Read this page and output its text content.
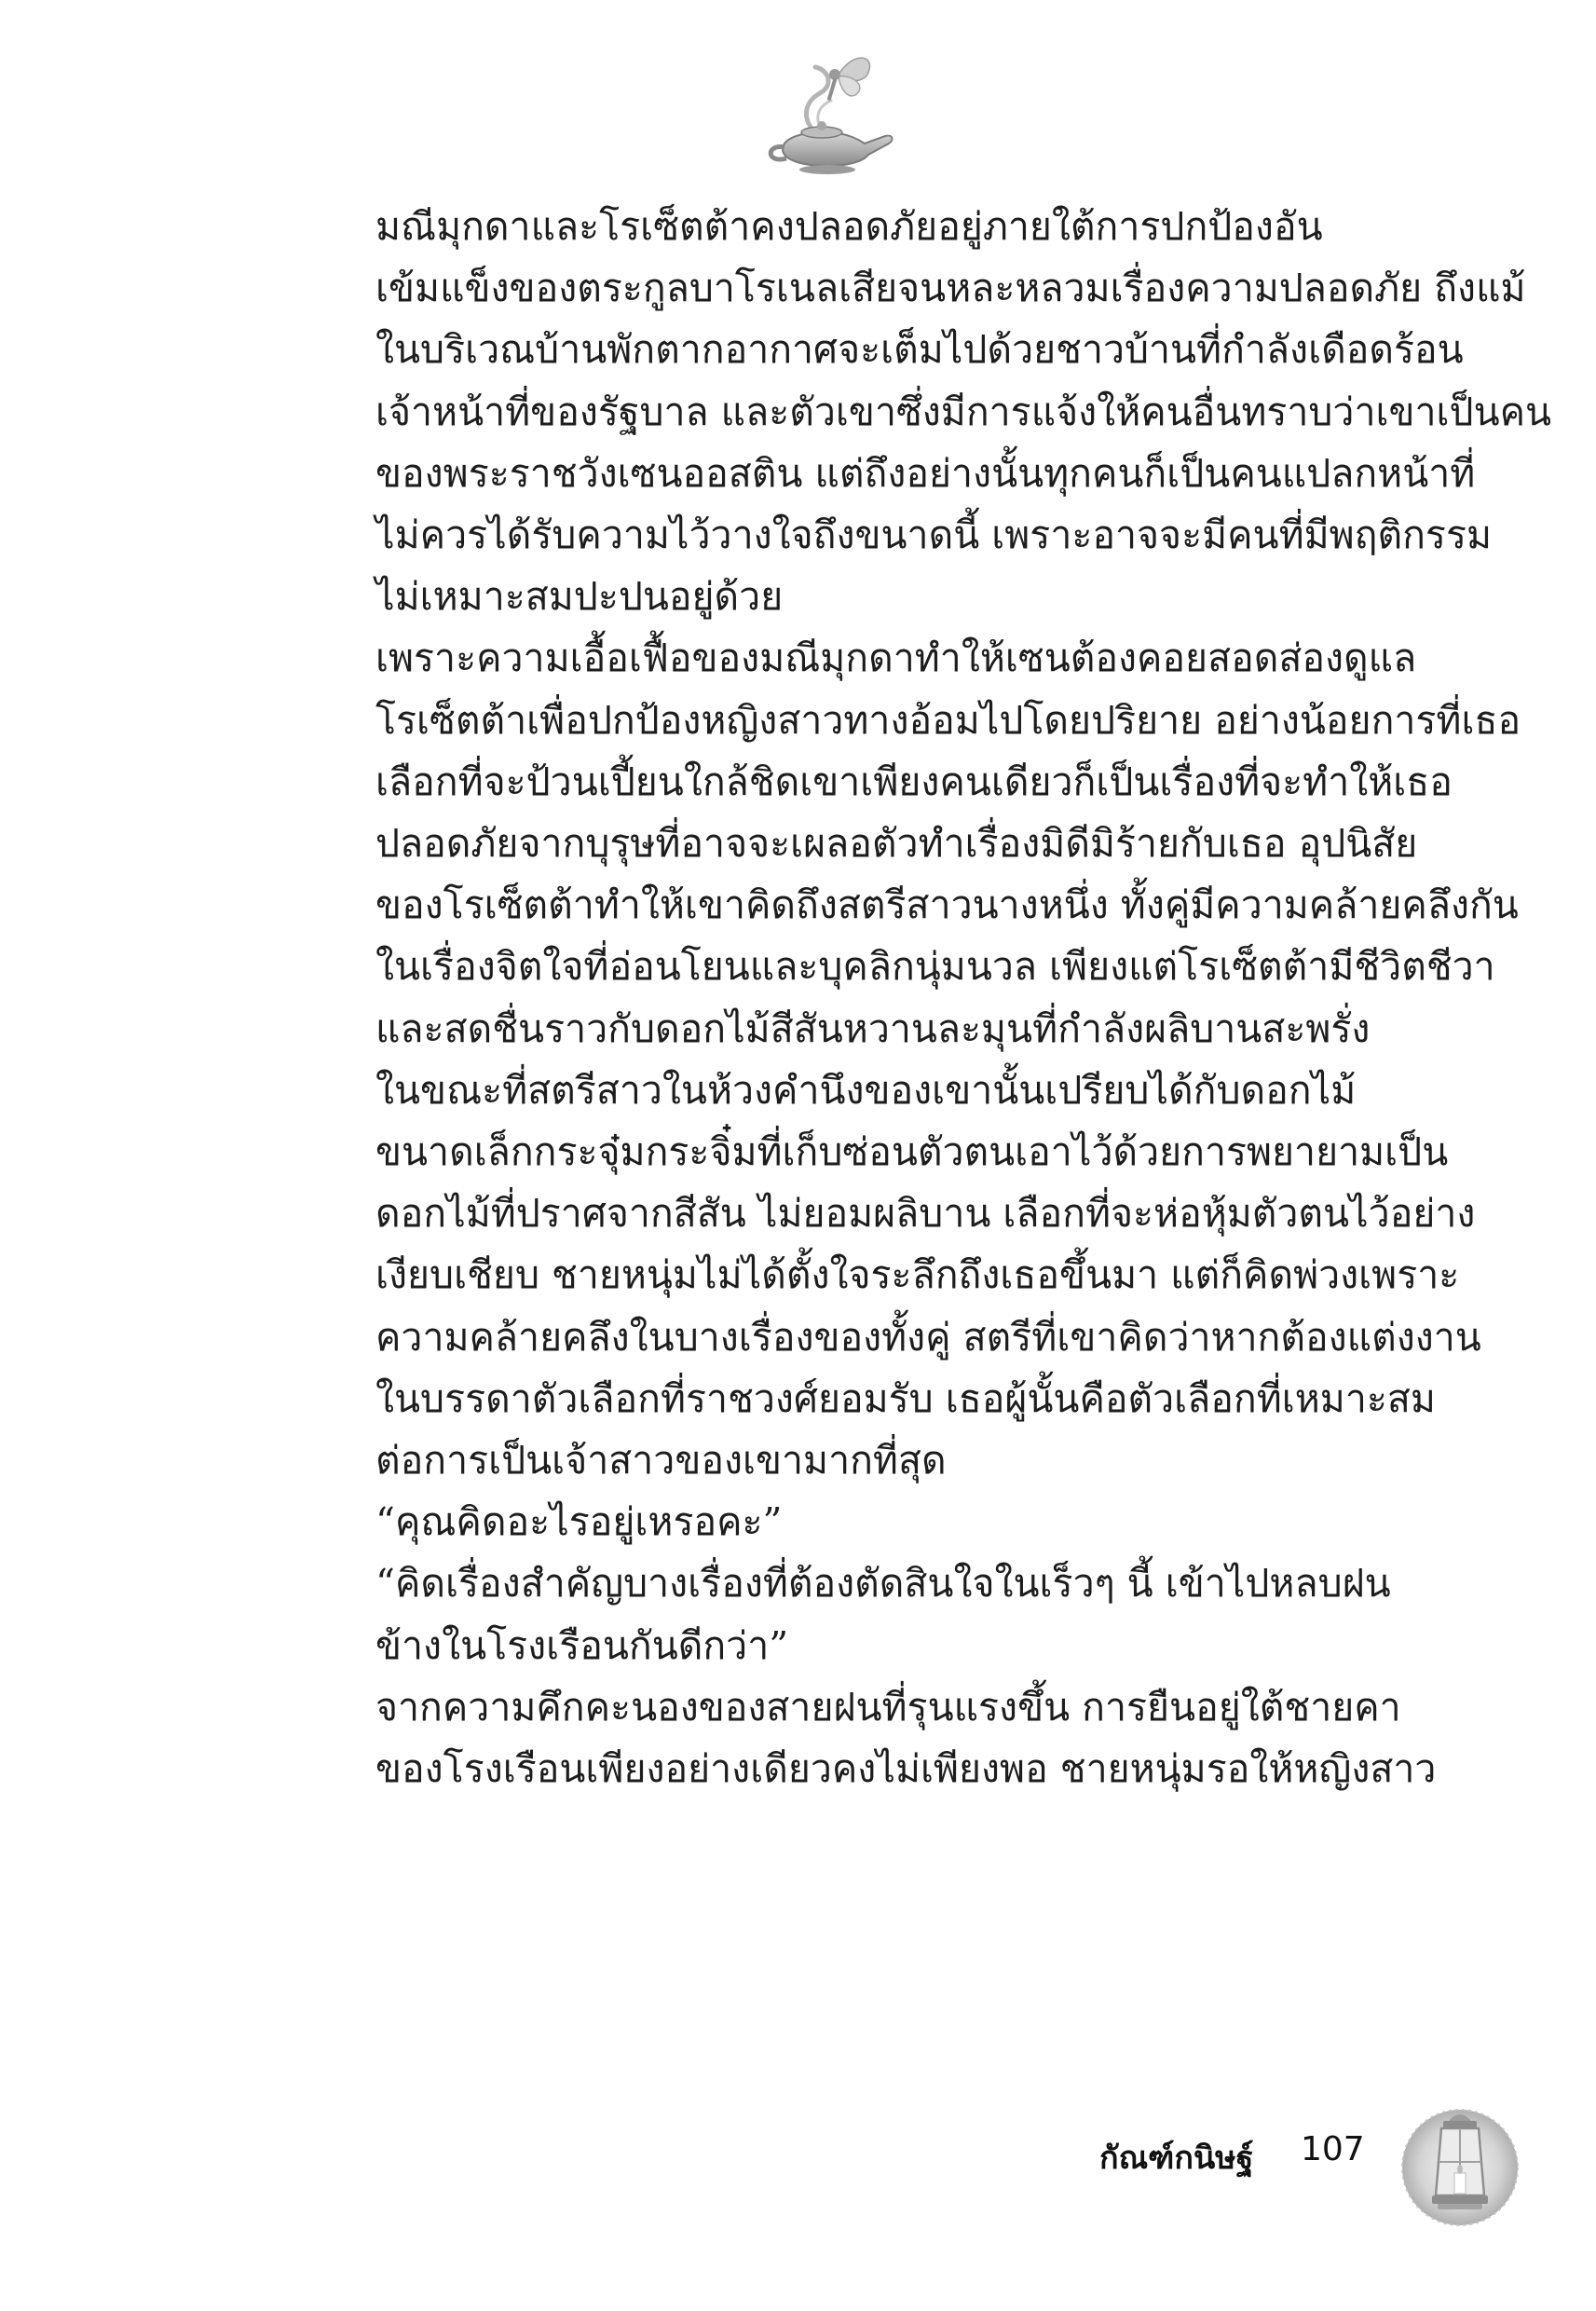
มณีมุกดาและโรเซ็ตต้าคงปลอดภัยอยู่ภายใต้การปกป้องอัน
เข้มแข็งของตระกูลบาโรเนลเสียจนหละหลวมเรื่องความปลอดภัย ถึงแม้
ในบริเวณบ้านพักตากอากาศจะเต็มไปด้วยชาวบ้านที่กำลังเดือดร้อน
เจ้าหน้าที่ของรัฐบาล และตัวเขาซึ่งมีการแจ้งให้คนอื่นทราบว่าเขาเป็นคน
ของพระราชวังเซนออสติน แต่ถึงอย่างนั้นทุกคนก็เป็นคนแปลกหน้าที่
ไม่ควรได้รับความไว้วางใจถึงขนาดนี้ เพราะอาจจะมีคนที่มีพฤติกรรม
ไม่เหมาะสมปะปนอยู่ด้วย

เพราะความเอื้อเฟื้อของมณีมุกดาทำให้เซนต้องคอยสอดส่องดูแล
โรเซ็ตต้าเพื่อปกป้องหญิงสาวทางอ้อมไปโดยปริยาย อย่างน้อยการที่เธอ
เลือกที่จะป้วนเปี้ยนใกล้ชิดเขาเพียงคนเดียวก็เป็นเรื่องที่จะทำให้เธอ
ปลอดภัยจากบุรุษที่อาจจะเผลอตัวทำเรื่องมิดีมิร้ายกับเธอ อุปนิสัย
ของโรเซ็ตต้าทำให้เขาคิดถึงสตรีสาวนางหนึ่ง ทั้งคู่มีความคล้ายคลึงกัน
ในเรื่องจิตใจที่อ่อนโยนและบุคลิกนุ่มนวล เพียงแต่โรเซ็ตต้ามีชีวิตชีวา
และสดชื่นราวกับดอกไม้สีสันหวานละมุนที่กำลังผลิบานสะพรั่ง

ในขณะที่สตรีสาวในห้วงคำนึงของเขานั้นเปรียบได้กับดอกไม้
ขนาดเล็กกระจุ๋มกระจิ๋มที่เก็บซ่อนตัวตนเอาไว้ด้วยการพยายามเป็น
ดอกไม้ที่ปราศจากสีสัน ไม่ยอมผลิบาน เลือกที่จะห่อหุ้มตัวตนไว้อย่าง
เงียบเชียบ ชายหนุ่มไม่ได้ตั้งใจระลึกถึงเธอขึ้นมา แต่ก็คิดพ่วงเพราะ
ความคล้ายคลึงในบางเรื่องของทั้งคู่ สตรีที่เขาคิดว่าหากต้องแต่งงาน
ในบรรดาตัวเลือกที่ราชวงศ์ยอมรับ เธอผู้นั้นคือตัวเลือกที่เหมาะสม
ต่อการเป็นเจ้าสาวของเขามากที่สุด

“คุณคิดอะไรอยู่เหรอคะ”

“คิดเรื่องสำคัญบางเรื่องที่ต้องตัดสินใจในเร็วๆ นี้ เข้าไปหลบฝน
ข้างในโรงเรือนกันดีกว่า”

จากความคึกคะนองของสายฝนที่รุนแรงขึ้น การยืนอยู่ใต้ชายคา
ของโรงเรือนเพียงอย่างเดียวคงไม่เพียงพอ ชายหนุ่มรอให้หญิงสาว

กัณฑ์กนิษฐ์ 107
